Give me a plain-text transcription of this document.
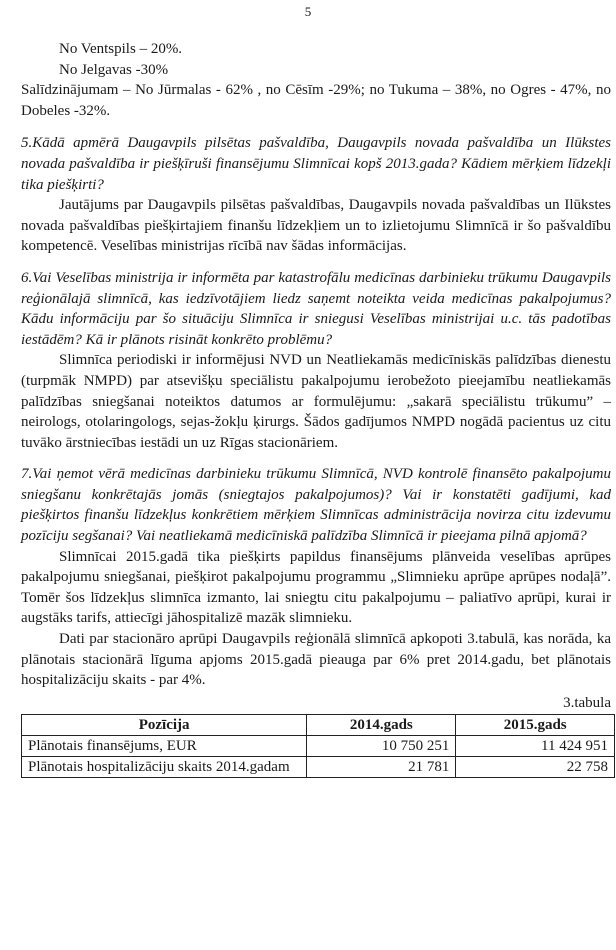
5

No Ventspils – 20%.

No Jelgavas -30%

Salīdzinājumam – No Jūrmalas - 62% , no Cēsīm -29%; no Tukuma – 38%, no Ogres - 47%, no Dobeles -32%.

5.Kādā apmērā Daugavpils pilsētas pašvaldība, Daugavpils novada pašvaldība un Ilūkstes novada pašvaldība ir piešķīruši finansējumu Slimnīcai kopš 2013.gada? Kādiem mērķiem līdzekļi tika piešķirti?

Jautājums par Daugavpils pilsētas pašvaldības, Daugavpils novada pašvaldības un Ilūkstes novada pašvaldības piešķirtajiem finanšu līdzekļiem un to izlietojumu Slimnīcā ir šo pašvaldību kompetencē. Veselības ministrijas rīcībā nav šādas informācijas.

6.Vai Veselības ministrija ir informēta par katastrofālu medicīnas darbinieku trūkumu Daugavpils reģionālajā slimnīcā, kas iedzīvotājiem liedz saņemt noteikta veida medicīnas pakalpojumus? Kādu informāciju par šo situāciju Slimnīca ir sniegusi Veselības ministrijai u.c. tās padotības iestādēm? Kā ir plānots risināt konkrēto problēmu?

Slimnīca periodiski ir informējusi NVD un Neatliekamās medicīniskās palīdzības dienestu (turpmāk NMPD) par atsevišķu speciālistu pakalpojumu ierobežoto pieejamību neatliekamās palīdzības sniegšanai noteiktos datumos ar formulējumu: „sakarā speciālistu trūkumu” – neirologs, otolaringologs, sejas-žokļu ķirurgs. Šādos gadījumos NMPD nogādā pacientus uz citu tuvāko ārstniecības iestādi un uz Rīgas stacionāriem.

7.Vai ņemot vērā medicīnas darbinieku trūkumu Slimnīcā, NVD kontrolē finansēto pakalpojumu sniegšanu konkrētajās jomās (sniegtajos pakalpojumos)? Vai ir konstatēti gadījumi, kad piešķirtos finanšu līdzekļus konkrētiem mērķiem Slimnīcas administrācija novirza citu izdevumu pozīciju segšanai? Vai neatliekamā medicīniskā palīdzība Slimnīcā ir pieejama pilnā apjomā?

Slimnīcai 2015.gadā tika piešķirts papildus finansējums plānveida veselības aprūpes pakalpojumu sniegšanai, piešķirot pakalpojumu programmu „Slimnieku aprūpe aprūpes nodaļā”. Tomēr šos līdzekļus slimnīca izmanto, lai sniegtu citu pakalpojumu – paliatīvo aprūpi, kurai ir augstāks tarifs, attiecīgi jāhospitalizē mazāk slimnieku.

Dati par stacionāro aprūpi Daugavpils reģionālā slimnīcā apkopoti 3.tabulā, kas norāda, ka plānotais stacionārā līguma apjoms 2015.gadā pieauga par 6% pret 2014.gadu, bet plānotais hospitalizāciju skaits - par 4%.

3.tabula
Pozīcija	2014.gads	2015.gads
Plānotais finansējums, EUR	10 750 251	11 424 951
Plānotais hospitalizāciju skaits 2014.gadam	21 781	22 758
